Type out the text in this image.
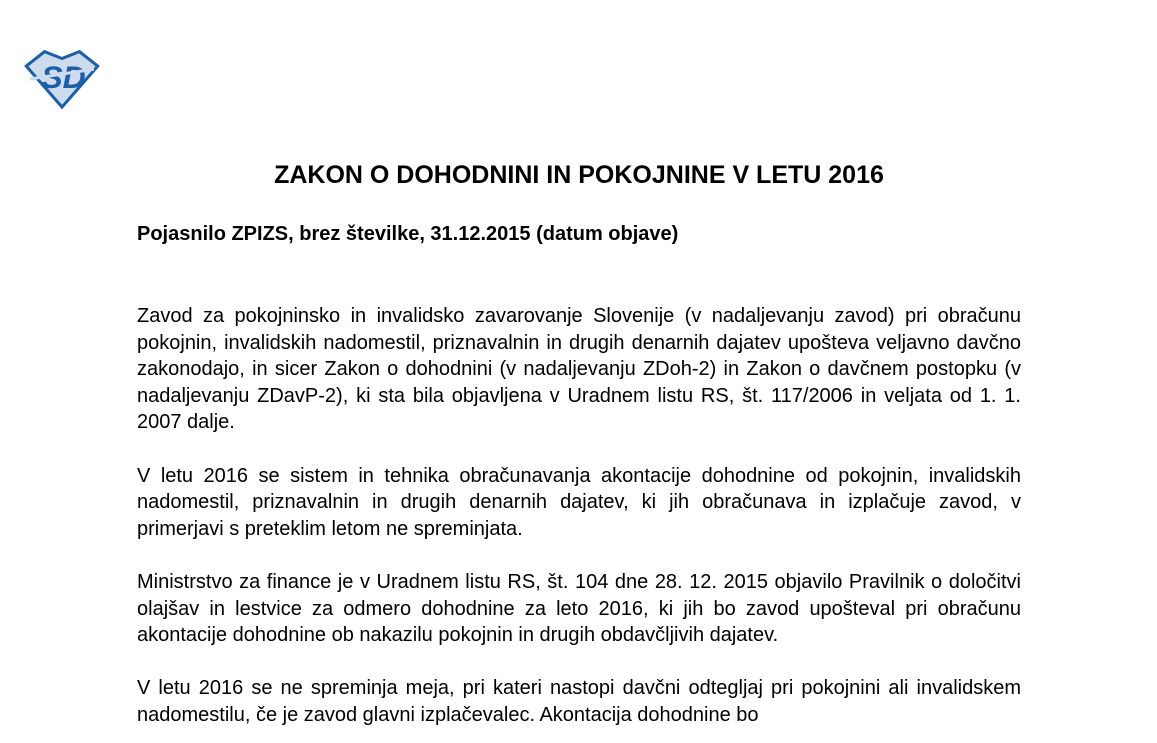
SD
ZAKON O DOHODNINI IN POKOJNINE V LETU 2016
Pojasnilo ZPIZS, brez številke, 31.12.2015 (datum objave)

Zavod za pokojninsko in invalidsko zavarovanje Slovenije (v nadaljevanju zavod) pri obračunu pokojnin, invalidskih nadomestil, priznavalnin in drugih denarnih dajatev upošteva veljavno davčno zakonodajo, in sicer Zakon o dohodnini (v nadaljevanju ZDoh-2) in Zakon o davčnem postopku (v nadaljevanju ZDavP-2), ki sta bila objavljena v Uradnem listu RS, št. 117/2006 in veljata od 1. 1. 2007 dalje.

V letu 2016 se sistem in tehnika obračunavanja akontacije dohodnine od pokojnin, invalidskih nadomestil, priznavalnin in drugih denarnih dajatev, ki jih obračunava in izplačuje zavod, v primerjavi s preteklim letom ne spreminjata.

Ministrstvo za finance je v Uradnem listu RS, št. 104 dne 28. 12. 2015 objavilo Pravilnik o določitvi olajšav in lestvice za odmero dohodnine za leto 2016, ki jih bo zavod upošteval pri obračunu akontacije dohodnine ob nakazilu pokojnin in drugih obdavčljivih dajatev.

V letu 2016 se ne spreminja meja, pri kateri nastopi davčni odtegljaj pri pokojnini ali invalidskem nadomestilu, če je zavod glavni izplačevalec. Akontacija dohodnine bo
